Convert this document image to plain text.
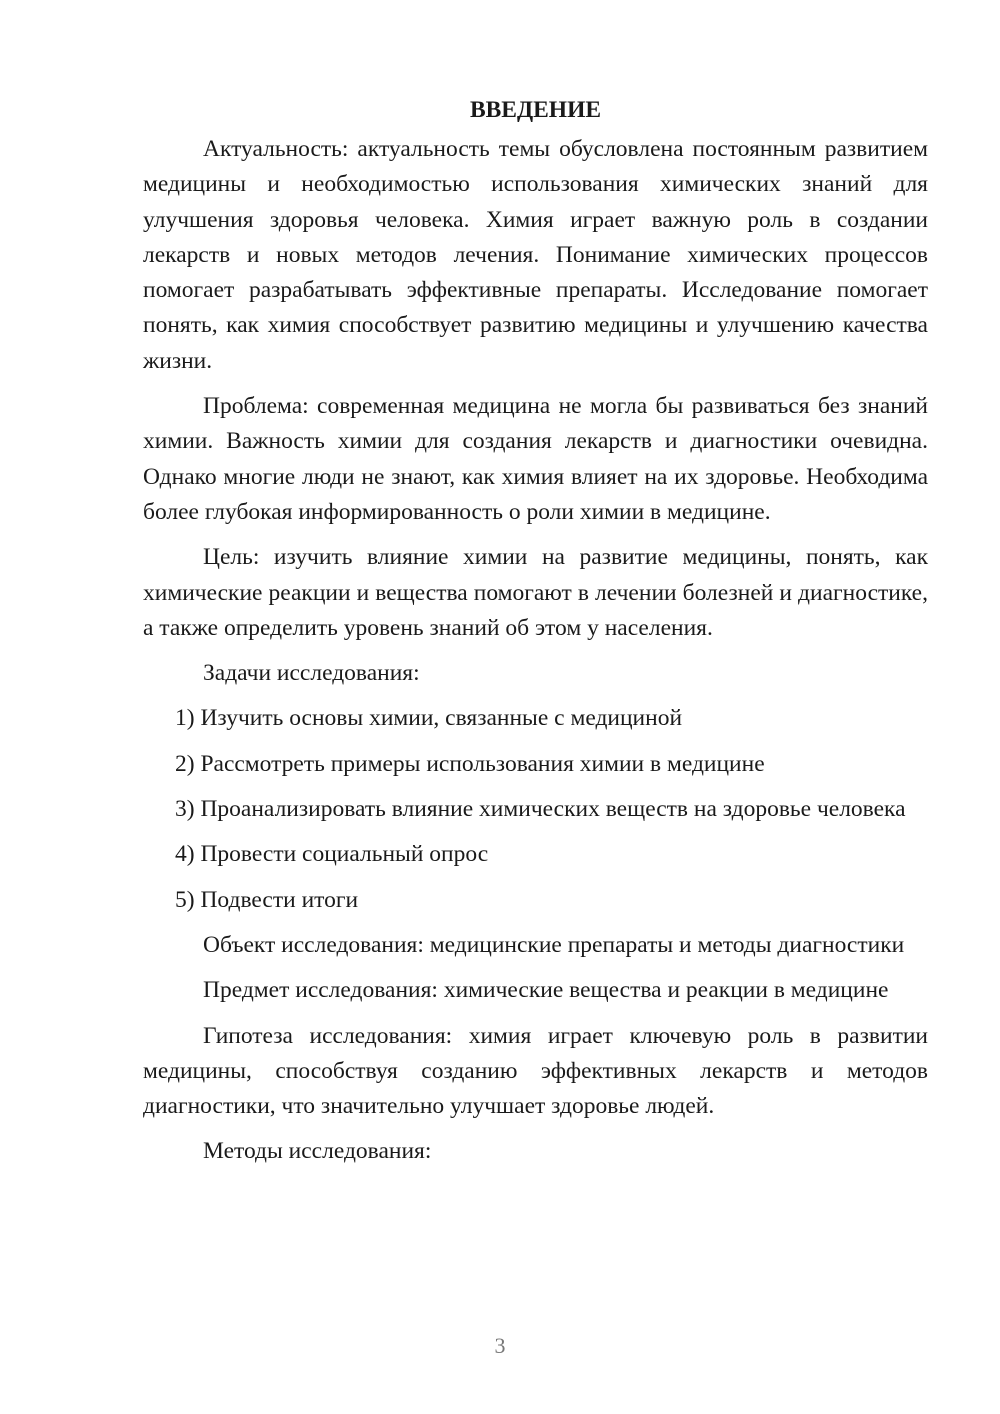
ВВЕДЕНИЕ

Актуальность: актуальность темы обусловлена постоянным развитием медицины и необходимостью использования химических знаний для улучшения здоровья человека. Химия играет важную роль в создании лекарств и новых методов лечения. Понимание химических процессов помогает разрабатывать эффективные препараты. Исследование помогает понять, как химия способствует развитию медицины и улучшению качества жизни.

Проблема: современная медицина не могла бы развиваться без знаний химии. Важность химии для создания лекарств и диагностики очевидна. Однако многие люди не знают, как химия влияет на их здоровье. Необходима более глубокая информированность о роли химии в медицине.

Цель: изучить влияние химии на развитие медицины, понять, как химические реакции и вещества помогают в лечении болезней и диагностике, а также определить уровень знаний об этом у населения.

Задачи исследования:

1) Изучить основы химии, связанные с медициной

2) Рассмотреть примеры использования химии в медицине

3) Проанализировать влияние химических веществ на здоровье человека

4) Провести социальный опрос

5) Подвести итоги

Объект исследования: медицинские препараты и методы диагностики

Предмет исследования: химические вещества и реакции в медицине

Гипотеза исследования: химия играет ключевую роль в развитии медицины, способствуя созданию эффективных лекарств и методов диагностики, что значительно улучшает здоровье людей.

Методы исследования:

3
